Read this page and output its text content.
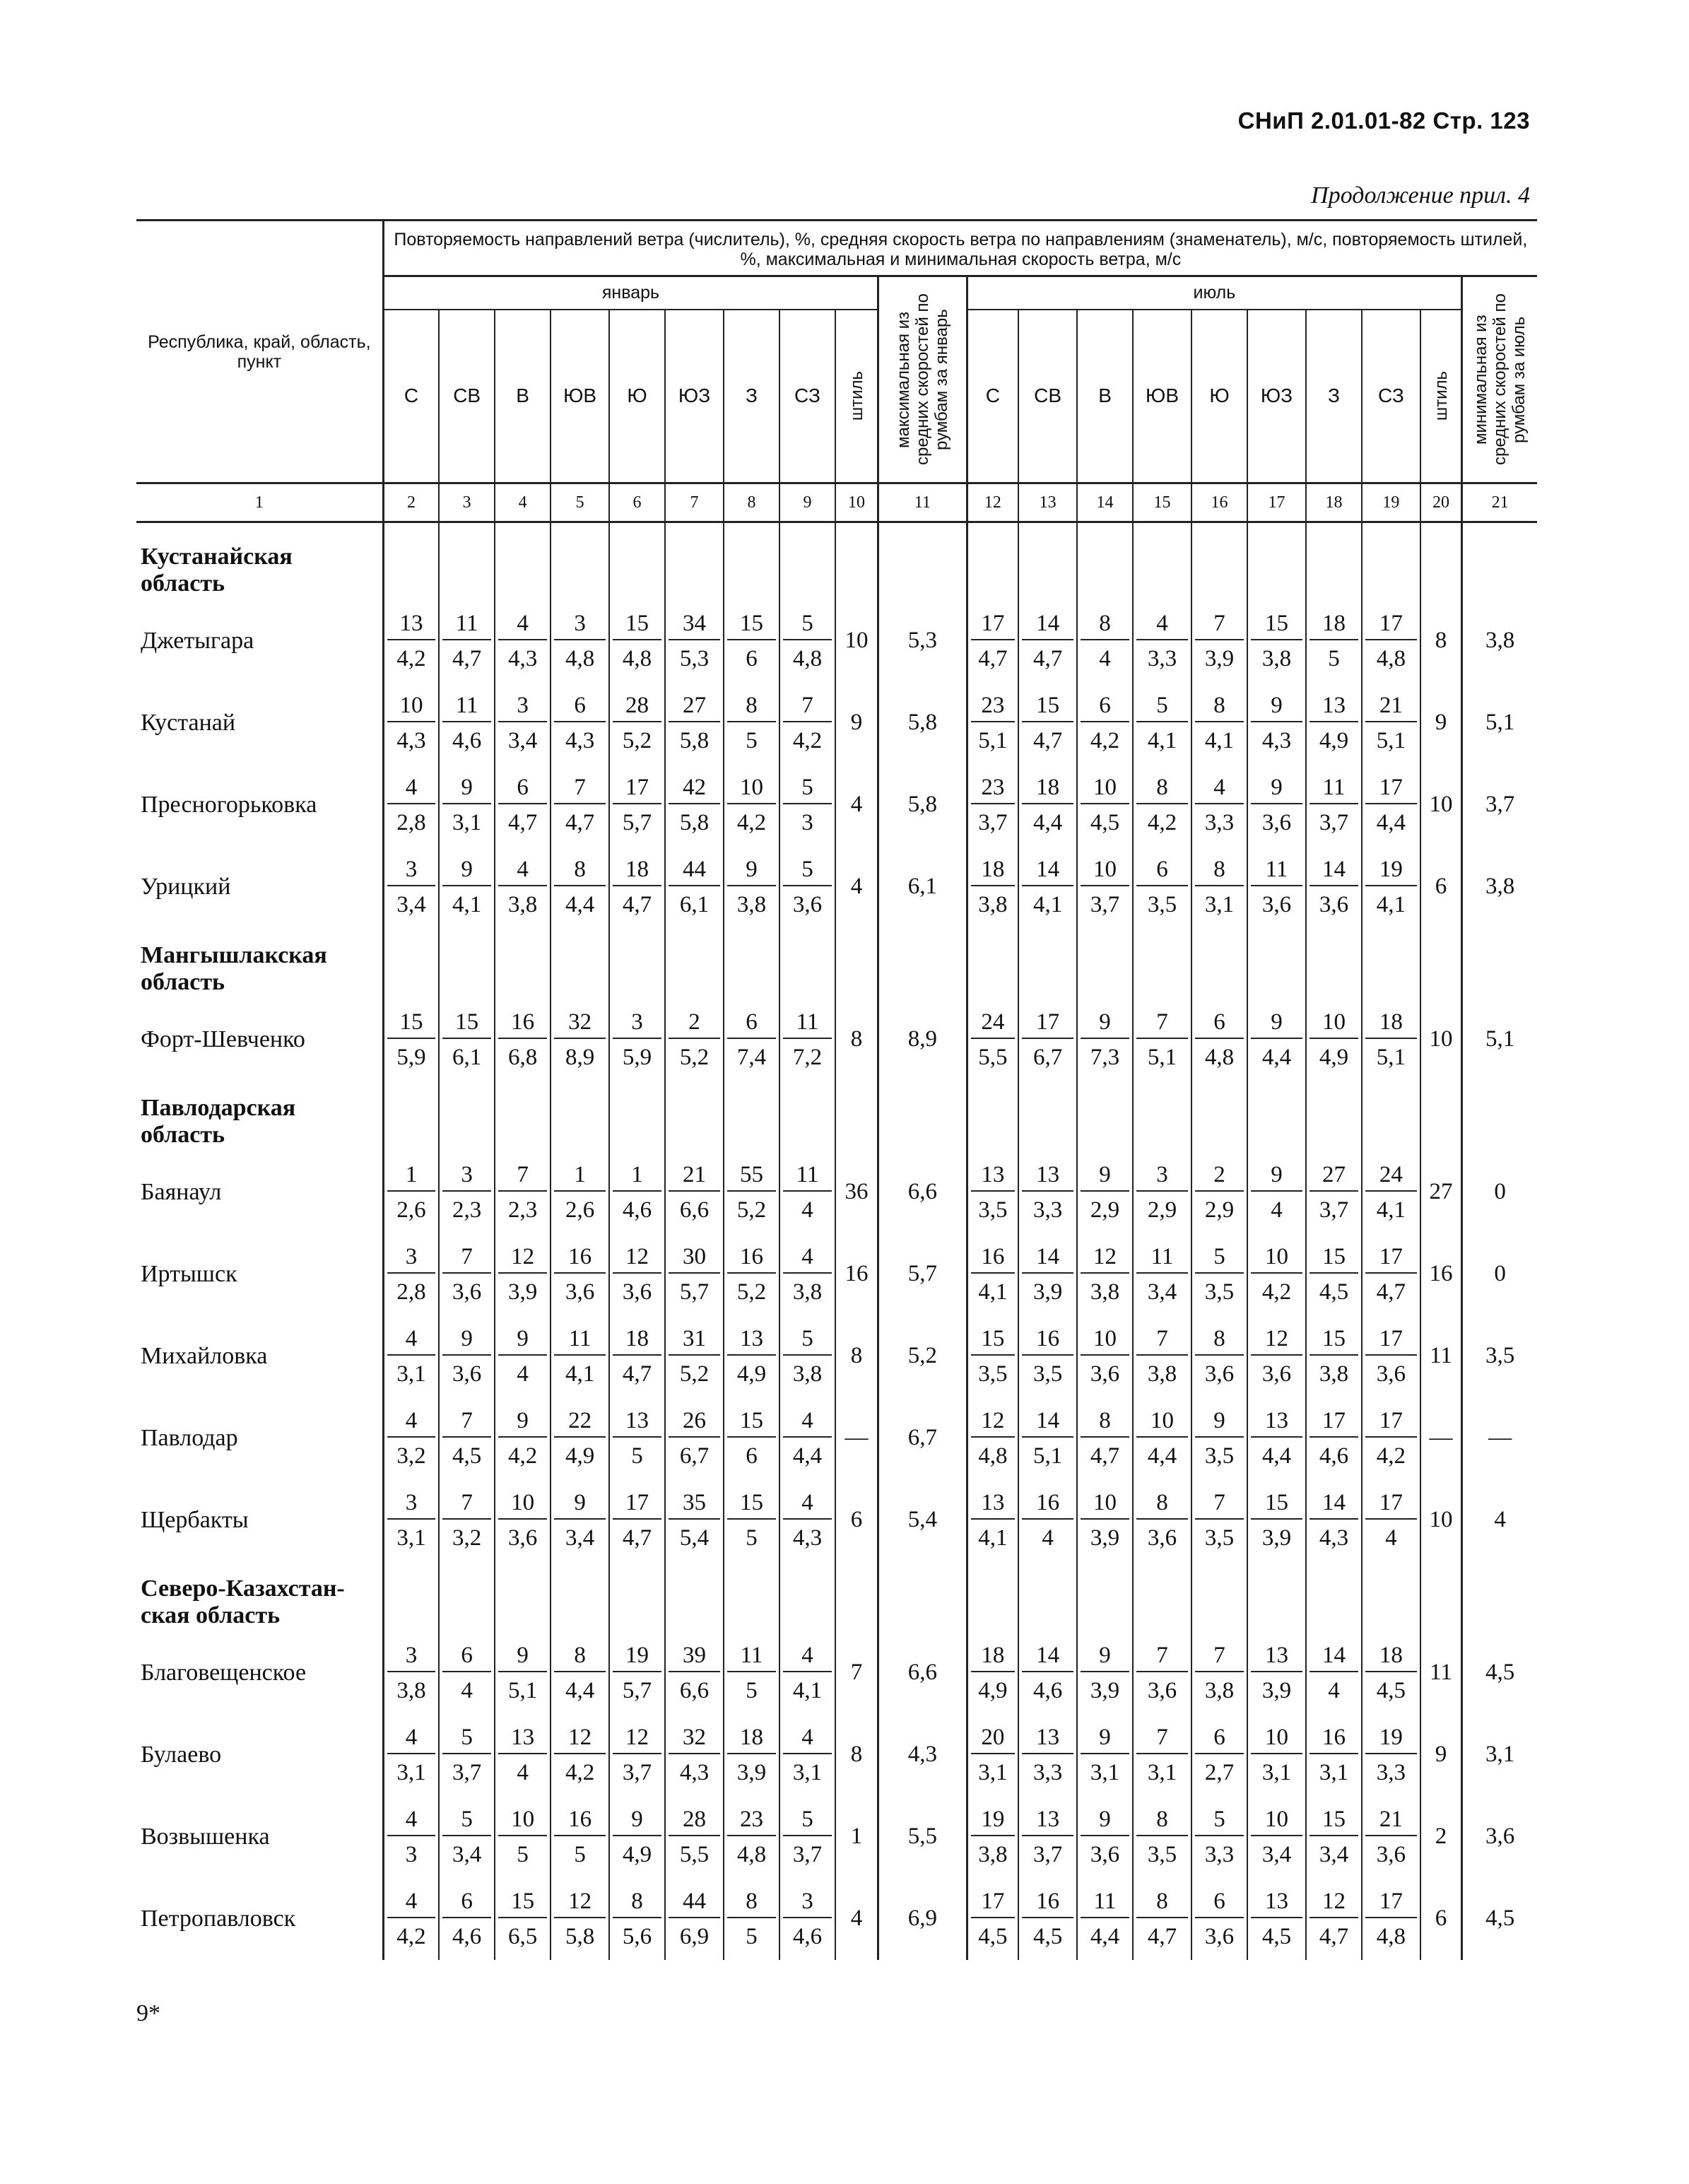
СНиП 2.01.01-82 Стр. 123
Продолжение прил. 4
Республика, край, область, пункт	Повторяемость направлений ветра (числитель), %, средняя скорость ветра по направлениям (знаменатель), м/с, повторяемость штилей, %, максимальная и минимальная скорость ветра, м/с																			
	январь									максимальная из средних скоростей по румбам за январь	июль									минимальная из средних скоростей по румбам за июль

	С	СВ	В	ЮВ	Ю	ЮЗ	З	СЗ	штиль		С	СВ	В	ЮВ	Ю	ЮЗ	З	СЗ	штиль	

1	2	3	4	5	6	7	8	9	10	11	12	13	14	15	16	17	18	19	20	21
Кустанайская область																				
Джетыгара	$\frac{13}{4,2}$	$\frac{11}{4,7}$	$\frac{4}{4,3}$	$\frac{3}{4,8}$	$\frac{15}{4,8}$	$\frac{34}{5,3}$	$\frac{15}{6}$	$\frac{5}{4,8}$	10	5,3	$\frac{17}{4,7}$	$\frac{14}{4,7}$	$\frac{8}{4}$	$\frac{4}{3,3}$	$\frac{7}{3,9}$	$\frac{15}{3,8}$	$\frac{18}{5}$	$\frac{17}{4,8}$	8	3,8
Кустанай	$\frac{10}{4,3}$	$\frac{11}{4,6}$	$\frac{3}{3,4}$	$\frac{6}{4,3}$	$\frac{28}{5,2}$	$\frac{27}{5,8}$	$\frac{8}{5}$	$\frac{7}{4,2}$	9	5,8	$\frac{23}{5,1}$	$\frac{15}{4,7}$	$\frac{6}{4,2}$	$\frac{5}{4,1}$	$\frac{8}{4,1}$	$\frac{9}{4,3}$	$\frac{13}{4,9}$	$\frac{21}{5,1}$	9	5,1
Пресногорьковка	$\frac{4}{2,8}$	$\frac{9}{3,1}$	$\frac{6}{4,7}$	$\frac{7}{4,7}$	$\frac{17}{5,7}$	$\frac{42}{5,8}$	$\frac{10}{4,2}$	$\frac{5}{3}$	4	5,8	$\frac{23}{3,7}$	$\frac{18}{4,4}$	$\frac{10}{4,5}$	$\frac{8}{4,2}$	$\frac{4}{3,3}$	$\frac{9}{3,6}$	$\frac{11}{3,7}$	$\frac{17}{4,4}$	10	3,7
Урицкий	$\frac{3}{3,4}$	$\frac{9}{4,1}$	$\frac{4}{3,8}$	$\frac{8}{4,4}$	$\frac{18}{4,7}$	$\frac{44}{6,1}$	$\frac{9}{3,8}$	$\frac{5}{3,6}$	4	6,1	$\frac{18}{3,8}$	$\frac{14}{4,1}$	$\frac{10}{3,7}$	$\frac{6}{3,5}$	$\frac{8}{3,1}$	$\frac{11}{3,6}$	$\frac{14}{3,6}$	$\frac{19}{4,1}$	6	3,8
Мангышлакская область																				
Форт-Шевченко	$\frac{15}{5,9}$	$\frac{15}{6,1}$	$\frac{16}{6,8}$	$\frac{32}{8,9}$	$\frac{3}{5,9}$	$\frac{2}{5,2}$	$\frac{6}{7,4}$	$\frac{11}{7,2}$	8	8,9	$\frac{24}{5,5}$	$\frac{17}{6,7}$	$\frac{9}{7,3}$	$\frac{7}{5,1}$	$\frac{6}{4,8}$	$\frac{9}{4,4}$	$\frac{10}{4,9}$	$\frac{18}{5,1}$	10	5,1
Павлодарская область																				
Баянаул	$\frac{1}{2,6}$	$\frac{3}{2,3}$	$\frac{7}{2,3}$	$\frac{1}{2,6}$	$\frac{1}{4,6}$	$\frac{21}{6,6}$	$\frac{55}{5,2}$	$\frac{11}{4}$	36	6,6	$\frac{13}{3,5}$	$\frac{13}{3,3}$	$\frac{9}{2,9}$	$\frac{3}{2,9}$	$\frac{2}{2,9}$	$\frac{9}{4}$	$\frac{27}{3,7}$	$\frac{24}{4,1}$	27	0
Иртышск	$\frac{3}{2,8}$	$\frac{7}{3,6}$	$\frac{12}{3,9}$	$\frac{16}{3,6}$	$\frac{12}{3,6}$	$\frac{30}{5,7}$	$\frac{16}{5,2}$	$\frac{4}{3,8}$	16	5,7	$\frac{16}{4,1}$	$\frac{14}{3,9}$	$\frac{12}{3,8}$	$\frac{11}{3,4}$	$\frac{5}{3,5}$	$\frac{10}{4,2}$	$\frac{15}{4,5}$	$\frac{17}{4,7}$	16	0
Михайловка	$\frac{4}{3,1}$	$\frac{9}{3,6}$	$\frac{9}{4}$	$\frac{11}{4,1}$	$\frac{18}{4,7}$	$\frac{31}{5,2}$	$\frac{13}{4,9}$	$\frac{5}{3,8}$	8	5,2	$\frac{15}{3,5}$	$\frac{16}{3,5}$	$\frac{10}{3,6}$	$\frac{7}{3,8}$	$\frac{8}{3,6}$	$\frac{12}{3,6}$	$\frac{15}{3,8}$	$\frac{17}{3,6}$	11	3,5
Павлодар	$\frac{4}{3,2}$	$\frac{7}{4,5}$	$\frac{9}{4,2}$	$\frac{22}{4,9}$	$\frac{13}{5}$	$\frac{26}{6,7}$	$\frac{15}{6}$	$\frac{4}{4,4}$	—	6,7	$\frac{12}{4,8}$	$\frac{14}{5,1}$	$\frac{8}{4,7}$	$\frac{10}{4,4}$	$\frac{9}{3,5}$	$\frac{13}{4,4}$	$\frac{17}{4,6}$	$\frac{17}{4,2}$	—	—
Щербакты	$\frac{3}{3,1}$	$\frac{7}{3,2}$	$\frac{10}{3,6}$	$\frac{9}{3,4}$	$\frac{17}{4,7}$	$\frac{35}{5,4}$	$\frac{15}{5}$	$\frac{4}{4,3}$	6	5,4	$\frac{13}{4,1}$	$\frac{16}{4}$	$\frac{10}{3,9}$	$\frac{8}{3,6}$	$\frac{7}{3,5}$	$\frac{15}{3,9}$	$\frac{14}{4,3}$	$\frac{17}{4}$	10	4
Северо-Казахстан-ская область																				
Благовещенское	$\frac{3}{3,8}$	$\frac{6}{4}$	$\frac{9}{5,1}$	$\frac{8}{4,4}$	$\frac{19}{5,7}$	$\frac{39}{6,6}$	$\frac{11}{5}$	$\frac{4}{4,1}$	7	6,6	$\frac{18}{4,9}$	$\frac{14}{4,6}$	$\frac{9}{3,9}$	$\frac{7}{3,6}$	$\frac{7}{3,8}$	$\frac{13}{3,9}$	$\frac{14}{4}$	$\frac{18}{4,5}$	11	4,5
Булаево	$\frac{4}{3,1}$	$\frac{5}{3,7}$	$\frac{13}{4}$	$\frac{12}{4,2}$	$\frac{12}{3,7}$	$\frac{32}{4,3}$	$\frac{18}{3,9}$	$\frac{4}{3,1}$	8	4,3	$\frac{20}{3,1}$	$\frac{13}{3,3}$	$\frac{9}{3,1}$	$\frac{7}{3,1}$	$\frac{6}{2,7}$	$\frac{10}{3,1}$	$\frac{16}{3,1}$	$\frac{19}{3,3}$	9	3,1
Возвышенка	$\frac{4}{3}$	$\frac{5}{3,4}$	$\frac{10}{5}$	$\frac{16}{5}$	$\frac{9}{4,9}$	$\frac{28}{5,5}$	$\frac{23}{4,8}$	$\frac{5}{3,7}$	1	5,5	$\frac{19}{3,8}$	$\frac{13}{3,7}$	$\frac{9}{3,6}$	$\frac{8}{3,5}$	$\frac{5}{3,3}$	$\frac{10}{3,4}$	$\frac{15}{3,4}$	$\frac{21}{3,6}$	2	3,6
Петропавловск	$\frac{4}{4,2}$	$\frac{6}{4,6}$	$\frac{15}{6,5}$	$\frac{12}{5,8}$	$\frac{8}{5,6}$	$\frac{44}{6,9}$	$\frac{8}{5}$	$\frac{3}{4,6}$	4	6,9	$\frac{17}{4,5}$	$\frac{16}{4,5}$	$\frac{11}{4,4}$	$\frac{8}{4,7}$	$\frac{6}{3,6}$	$\frac{13}{4,5}$	$\frac{12}{4,7}$	$\frac{17}{4,8}$	6	4,5
9*
